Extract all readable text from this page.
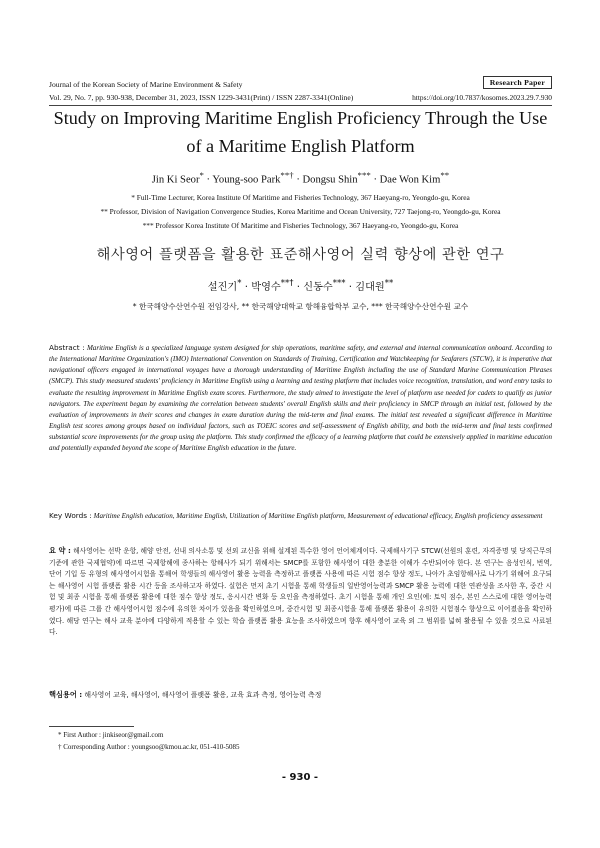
Journal of the Korean Society of Marine Environment & Safety	Research Paper
Vol. 29, No. 7, pp. 930-938, December 31, 2023, ISSN 1229-3431(Print) / ISSN 2287-3341(Online)	https://doi.org/10.7837/kosomes.2023.29.7.930
Study on Improving Maritime English Proficiency Through the Use of a Maritime English Platform
Jin Ki Seor* · Young-soo Park**† · Dongsu Shin*** · Dae Won Kim**
* Full-Time Lecturer, Korea Institute Of Maritime and Fisheries Technology, 367 Haeyang-ro, Yeongdo-gu, Korea
** Professor, Division of Navigation Convergence Studies, Korea Maritime and Ocean University, 727 Taejong-ro, Yeongdo-gu, Korea
*** Professor Korea Institute Of Maritime and Fisheries Technology, 367 Haeyang-ro, Yeongdo-gu, Korea
해사영어 플랫폼을 활용한 표준해사영어 실력 향상에 관한 연구
설진기* · 박영수**† · 신동수*** · 김대원**
* 한국해양수산연수원 전임강사, ** 한국해양대학교 항해융합학부 교수, *** 한국해양수산연수원 교수
Abstract : Maritime English is a specialized language system designed for ship operations, maritime safety, and external and internal communication onboard. According to the International Maritime Organization's (IMO) International Convention on Standards of Training, Certification and Watchkeeping for Seafarers (STCW), it is imperative that navigational officers engaged in international voyages have a thorough understanding of Maritime English including the use of Standard Marine Communication Phrases (SMCP). This study measured students' proficiency in Maritime English using a learning and testing platform that includes voice recognition, translation, and word entry tasks to evaluate the resulting improvement in Maritime English exam scores. Furthermore, the study aimed to investigate the level of platform use needed for cadets to qualify as junior navigators. The experiment began by examining the correlation between students' overall English skills and their proficiency in SMCP through an initial test, followed by the evaluation of improvements in their scores and changes in exam duration during the mid-term and final exams. The initial test revealed a significant difference in Maritime English test scores among groups based on individual factors, such as TOEIC scores and self-assessment of English ability, and both the mid-term and final tests confirmed substantial score improvements for the group using the platform. This study confirmed the efficacy of a learning platform that could be extensively applied in maritime education and potentially expanded beyond the scope of Maritime English education in the future.
Key Words : Maritime English education, Maritime English, Utilization of Maritime English platform, Measurement of educational efficacy, English proficiency assessment
요 약 : 해사영어는 선박 운항, 해양 안전, 선내 의사소통 및 선외 교신을 위해 설계된 특수한 영어 언어체계이다. 국제해사기구 STCW(선원의 훈련, 자격증명 및 당직근무의 기준에 관한 국제협약)에 따르면 국제항해에 종사하는 항해사가 되기 위해서는 SMCP를 포함한 해사영어 대한 충분한 이해가 수반되어야 한다. 본 연구는 음성인식, 번역, 단어 기입 등 유형의 해사영어시험을 통해여 학생들의 해사영어 활용 능력을 측정하고 플랫폼 사용에 따른 시험 점수 향상 정도, 나아가 초임항해사로 나가기 위해여 요구되는 해사영어 시험 플랫폼 활용 시간 등을 조사하고자 하였다. 실험은 먼저 초기 시험을 통해 학생들의 일반영어능력과 SMCP 활용 능력에 대한 연관성을 조사한 후, 중간 시험 및 최종 시험을 통해 플랫폼 활용에 대한 점수 향상 정도, 응시시간 변화 등 요인을 측정하였다. 초기 시험을 통해 개인 요인(예: 토익 점수, 본인 스스로에 대한 영어능력 평가)에 따른 그룹 간 해사영어시험 점수에 유의한 차이가 있음을 확인하였으며, 중간시험 및 최종시험을 통해 플랫폼 활용이 유의한 시험점수 향상으로 이어졌음을 확인하였다. 해당 연구는 해사 교육 분야에 다양하게 적용할 수 있는 학습 플랫폼 활용 효능을 조사하였으며 향후 해사영어 교육 외 그 범위를 넓혀 활용될 수 있을 것으로 사료된다.
핵심용어 : 해사영어 교육, 해사영어, 해사영어 플랫폼 활용, 교육 효과 측정, 영어능력 측정
* First Author : jinkiseor@gmail.com
† Corresponding Author : youngsoo@kmou.ac.kr, 051-410-5085
- 930 -
